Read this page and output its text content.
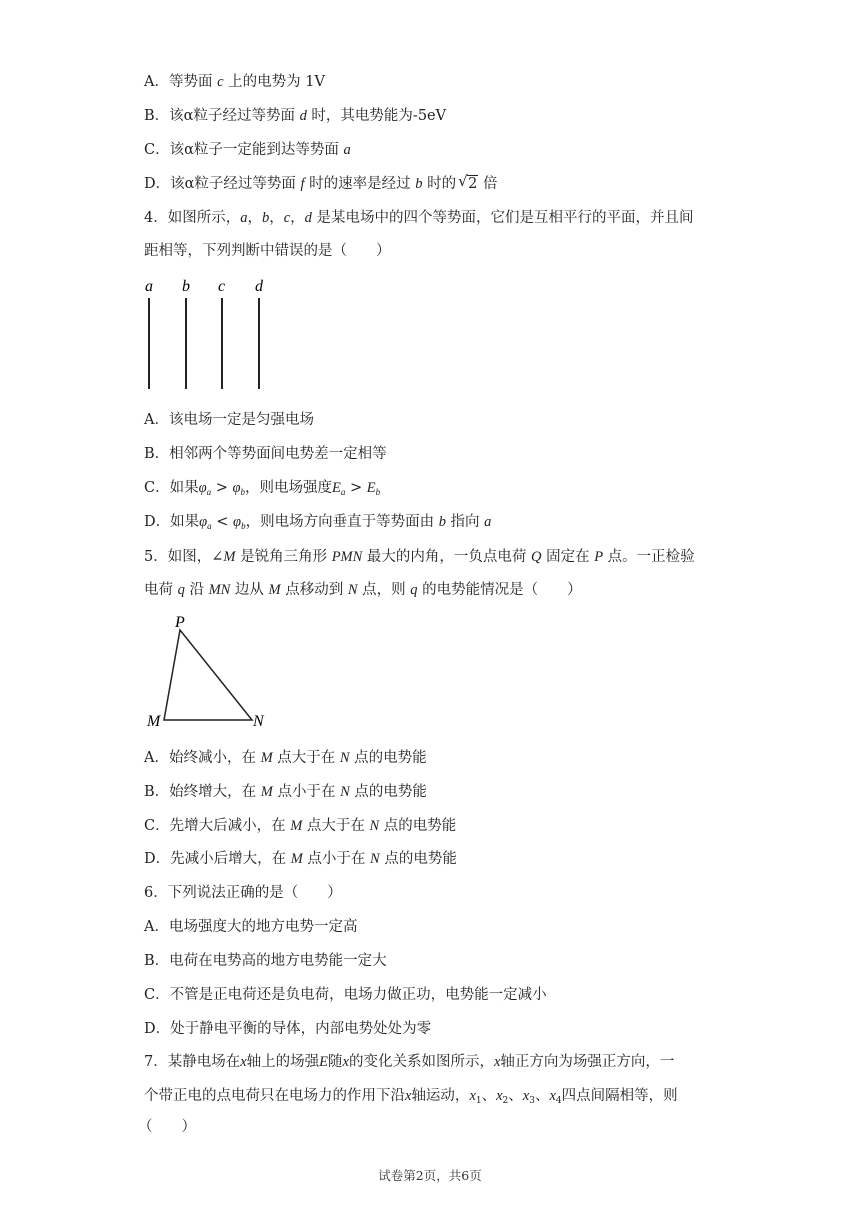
A．等势面 c 上的电势为 1V
B．该α粒子经过等势面 d 时，其电势能为-5eV
C．该α粒子一定能到达等势面 a
D．该α粒子经过等势面 f 时的速率是经过 b 时的 √ 2 倍
4．如图所示，a，b，c，d 是某电场中的四个等势面，它们是互相平行的平面，并且间
距相等，下列判断中错误的是（　　）
a b c d
A．该电场一定是匀强电场
B．相邻两个等势面间电势差一定相等
C．如果$\varphi_a > \varphi_b$，则电场强度$E_a > E_b$
D．如果$\varphi_a < \varphi_b$，则电场方向垂直于等势面由 b 指向 a
5．如图，∠M 是锐角三角形 PMN 最大的内角，一负点电荷 Q 固定在 P 点。一正检验
电荷 q 沿 MN 边从 M 点移动到 N 点，则 q 的电势能情况是（　　）
P
M	N
A．始终减小，在 M 点大于在 N 点的电势能
B．始终增大，在 M 点小于在 N 点的电势能
C．先增大后减小，在 M 点大于在 N 点的电势能
D．先减小后增大，在 M 点小于在 N 点的电势能
6．下列说法正确的是（　　）
A．电场强度大的地方电势一定高
B．电荷在电势高的地方电势能一定大
C．不管是正电荷还是负电荷，电场力做正功，电势能一定减小
D．处于静电平衡的导体，内部电势处处为零
7．某静电场在x轴上的场强E随x的变化关系如图所示，x轴正方向为场强正方向，一
个带正电的点电荷只在电场力的作用下沿x轴运动，$x_1$、$x_2$、$x_3$、$x_4$四点间隔相等，则
（　　）
试卷第2页，共6页
